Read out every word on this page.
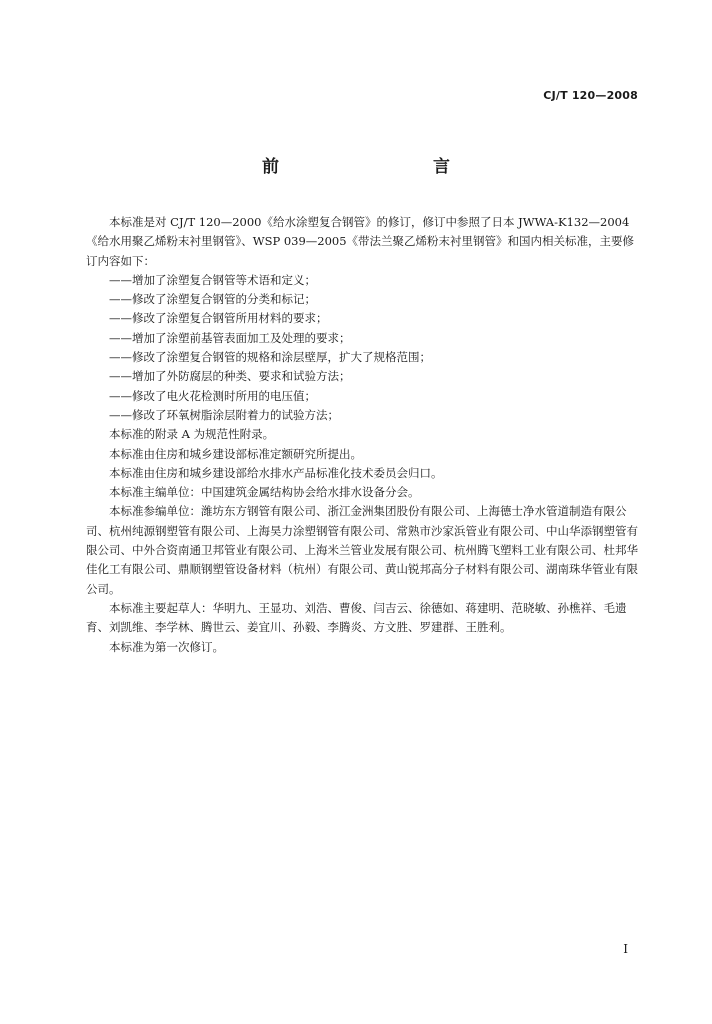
CJ/T 120—2008
前　　言

本标准是对 CJ/T 120—2000《给水涂塑复合钢管》的修订，修订中参照了日本 JWWA-K132—2004《给水用聚乙烯粉末衬里钢管》、WSP 039—2005《带法兰聚乙烯粉末衬里钢管》和国内相关标准，主要修订内容如下：

——增加了涂塑复合钢管等术语和定义；
——修改了涂塑复合钢管的分类和标记；
——修改了涂塑复合钢管所用材料的要求；
——增加了涂塑前基管表面加工及处理的要求；
——修改了涂塑复合钢管的规格和涂层壁厚，扩大了规格范围；
——增加了外防腐层的种类、要求和试验方法；
——修改了电火花检测时所用的电压值；
——修改了环氧树脂涂层附着力的试验方法；

本标准的附录 A 为规范性附录。

本标准由住房和城乡建设部标准定额研究所提出。

本标准由住房和城乡建设部给水排水产品标准化技术委员会归口。

本标准主编单位：中国建筑金属结构协会给水排水设备分会。

本标准参编单位：潍坊东方钢管有限公司、浙江金洲集团股份有限公司、上海德士净水管道制造有限公司、杭州纯源钢塑管有限公司、上海昊力涂塑钢管有限公司、常熟市沙家浜管业有限公司、中山华添钢塑管有限公司、中外合资南通卫邦管业有限公司、上海米兰管业发展有限公司、杭州腾飞塑料工业有限公司、杜邦华佳化工有限公司、鼎顺钢塑管设备材料（杭州）有限公司、黄山锐邦高分子材料有限公司、湖南珠华管业有限公司。

本标准主要起草人：华明九、王显功、刘浩、曹俊、闫吉云、徐德如、蒋建明、范晓敏、孙樵祥、毛遗育、刘凯维、李学林、腾世云、姜宜川、孙毅、李腾炎、方文胜、罗建群、王胜利。

本标准为第一次修订。

I
